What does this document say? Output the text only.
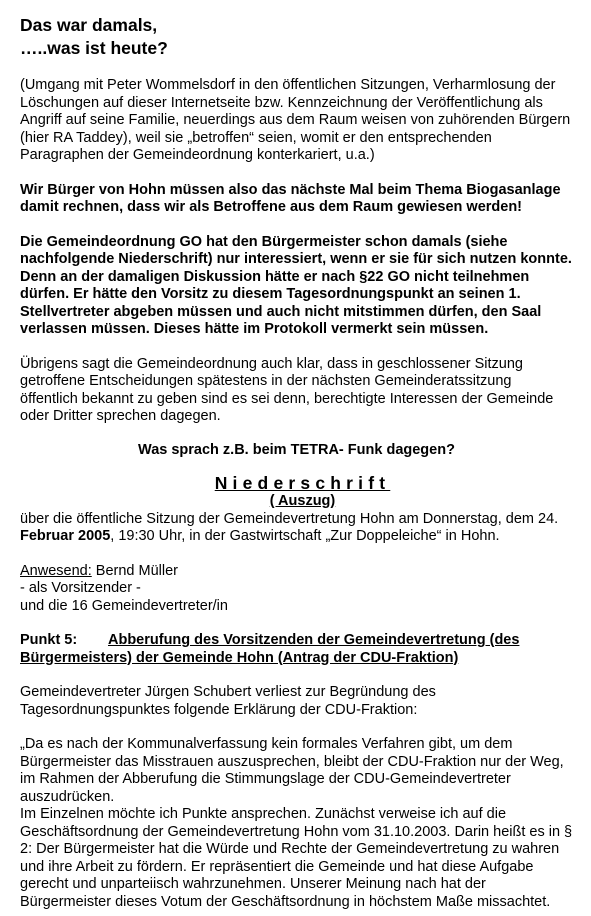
Das war damals,
…..was ist heute?

(Umgang mit Peter Wommelsdorf in den öffentlichen Sitzungen, Verharmlosung der Löschungen auf dieser Internetseite bzw. Kennzeichnung der Veröffentlichung als Angriff auf seine Familie, neuerdings aus dem Raum weisen von zuhörenden Bürgern (hier RA Taddey), weil sie „betroffen“ seien, womit er den entsprechenden Paragraphen der Gemeindeordnung konterkariert, u.a.)

Wir Bürger von Hohn müssen also das nächste Mal beim Thema Biogasanlage damit rechnen, dass wir als Betroffene aus dem Raum gewiesen werden!

Die Gemeindeordnung GO hat den Bürgermeister schon damals (siehe nachfolgende Niederschrift) nur interessiert, wenn er sie für sich nutzen konnte. Denn an der damaligen Diskussion hätte er nach §22 GO nicht teilnehmen dürfen. Er hätte den Vorsitz zu diesem Tagesordnungspunkt an seinen 1. Stellvertreter abgeben müssen und auch nicht mitstimmen dürfen, den Saal verlassen müssen. Dieses hätte im Protokoll vermerkt sein müssen.

Übrigens sagt die Gemeindeordnung auch klar, dass in geschlossener Sitzung getroffene Entscheidungen spätestens in der nächsten Gemeinderatssitzung öffentlich bekannt zu geben sind es sei denn, berechtigte Interessen der Gemeinde oder Dritter sprechen dagegen.

Was sprach z.B. beim TETRA- Funk dagegen?

Niederschrift
( Auszug)

über die öffentliche Sitzung der Gemeindevertretung Hohn am Donnerstag, dem 24. Februar 2005, 19:30 Uhr, in der Gastwirtschaft „Zur Doppeleiche“ in Hohn.

Anwesend: Bernd Müller
- als Vorsitzender -
und die 16 Gemeindevertreter/in

Punkt 5: Abberufung des Vorsitzenden der Gemeindevertretung (des
Bürgermeisters) der Gemeinde Hohn (Antrag der CDU-Fraktion)

Gemeindevertreter Jürgen Schubert verliest zur Begründung des Tagesordnungspunktes folgende Erklärung der CDU-Fraktion:

„Da es nach der Kommunalverfassung kein formales Verfahren gibt, um dem Bürgermeister das Misstrauen auszusprechen, bleibt der CDU-Fraktion nur der Weg, im Rahmen der Abberufung die Stimmungslage der CDU-Gemeindevertreter auszudrücken.

Im Einzelnen möchte ich Punkte ansprechen. Zunächst verweise ich auf die Geschäftsordnung der Gemeindevertretung Hohn vom 31.10.2003. Darin heißt es in § 2: Der Bürgermeister hat die Würde und Rechte der Gemeindevertretung zu wahren und ihre Arbeit zu fördern. Er repräsentiert die Gemeinde und hat diese Aufgabe gerecht und unparteiisch wahrzunehmen. Unserer Meinung nach hat der Bürgermeister dieses Votum der Geschäftsordnung in höchstem Maße missachtet.
